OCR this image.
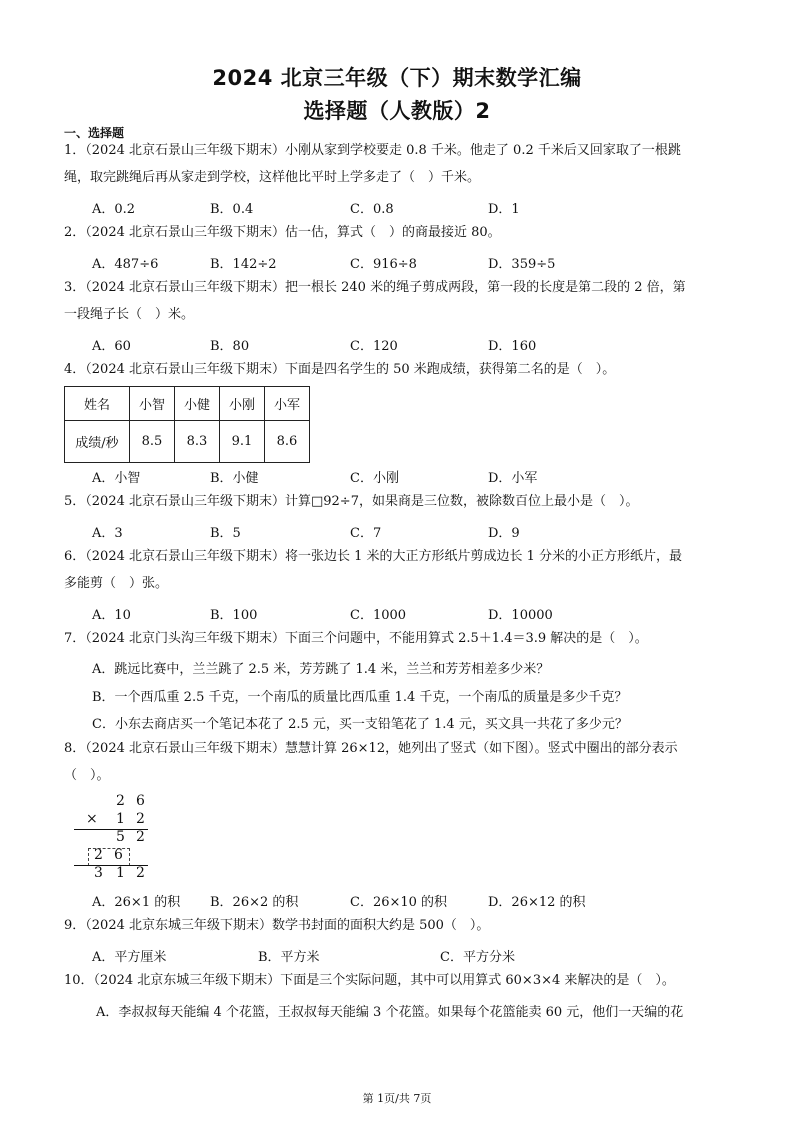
2024 北京三年级（下）期末数学汇编
选择题（人教版）2
一、选择题
1．（2024 北京石景山三年级下期末）小刚从家到学校要走 0.8 千米。他走了 0.2 千米后又回家取了一根跳
绳，取完跳绳后再从家走到学校，这样他比平时上学多走了（　）千米。
A．0.2	B．0.4	C．0.8	D．1
2．（2024 北京石景山三年级下期末）估一估，算式（　）的商最接近 80。
A．487÷6	B．142÷2	C．916÷8	D．359÷5
3．（2024 北京石景山三年级下期末）把一根长 240 米的绳子剪成两段，第一段的长度是第二段的 2 倍，第
一段绳子长（　）米。
A．60	B．80	C．120	D．160
4．（2024 北京石景山三年级下期末）下面是四名学生的 50 米跑成绩，获得第二名的是（　）。
姓名	小智	小健	小刚	小军
成绩/秒	8.5	8.3	9.1	8.6
A．小智	B．小健	C．小刚	D．小军
5．（2024 北京石景山三年级下期末）计算□92÷7，如果商是三位数，被除数百位上最小是（　）。
A．3	B．5	C．7	D．9
6．（2024 北京石景山三年级下期末）将一张边长 1 米的大正方形纸片剪成边长 1 分米的小正方形纸片，最
多能剪（　）张。
A．10	B．100	C．1000	D．10000
7．（2024 北京门头沟三年级下期末）下面三个问题中，不能用算式 2.5＋1.4＝3.9 解决的是（　）。
A．跳远比赛中，兰兰跳了 2.5 米，芳芳跳了 1.4 米，兰兰和芳芳相差多少米？
B．一个西瓜重 2.5 千克，一个南瓜的质量比西瓜重 1.4 千克，一个南瓜的质量是多少千克？
C．小东去商店买一个笔记本花了 2.5 元，买一支铅笔花了 1.4 元，买文具一共花了多少元？
8．（2024 北京石景山三年级下期末）慧慧计算 26×12，她列出了竖式（如下图）。竖式中圈出的部分表示
（　）。
2 6
× 1 2
5 2
2 6
3 1 2
A．26×1 的积 B．26×2 的积	C．26×10 的积	D．26×12 的积
9．（2024 北京东城三年级下期末）数学书封面的面积大约是 500（　）。
A．平方厘米	B．平方米	C．平方分米
10．（2024 北京东城三年级下期末）下面是三个实际问题，其中可以用算式 60×3×4 来解决的是（　）。
A．李叔叔每天能编 4 个花篮，王叔叔每天能编 3 个花篮。如果每个花篮能卖 60 元，他们一天编的花
第 1页/共 7页
